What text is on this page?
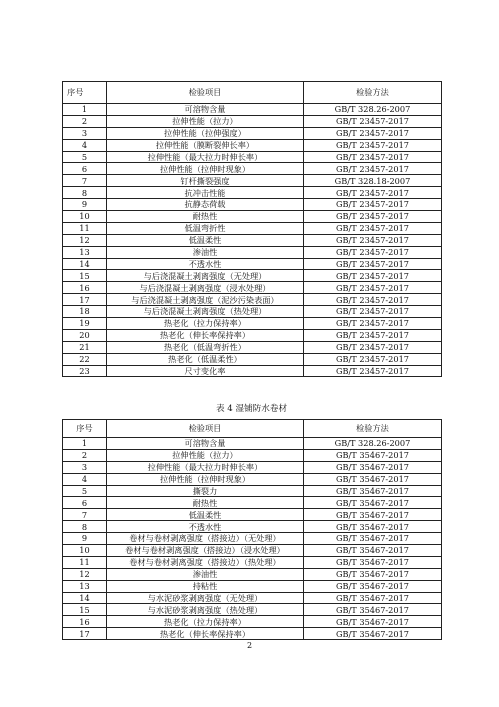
序号	检验项目	检验方法
1	可溶物含量	GB/T 328.26-2007
2	拉伸性能（拉力）	GB/T 23457-2017
3	拉伸性能（拉伸强度）	GB/T 23457-2017
4	拉伸性能（膜断裂伸长率）	GB/T 23457-2017
5	拉伸性能（最大拉力时伸长率）	GB/T 23457-2017
6	拉伸性能（拉伸时现象）	GB/T 23457-2017
7	钉杆撕裂强度	GB/T 328.18-2007
8	抗冲击性能	GB/T 23457-2017
9	抗静态荷载	GB/T 23457-2017
10	耐热性	GB/T 23457-2017
11	低温弯折性	GB/T 23457-2017
12	低温柔性	GB/T 23457-2017
13	渗油性	GB/T 23457-2017
14	不透水性	GB/T 23457-2017
15	与后浇混凝土剥离强度（无处理）	GB/T 23457-2017
16	与后浇混凝土剥离强度（浸水处理）	GB/T 23457-2017
17	与后浇混凝土剥离强度（泥沙污染表面）	GB/T 23457-2017
18	与后浇混凝土剥离强度（热处理）	GB/T 23457-2017
19	热老化（拉力保持率）	GB/T 23457-2017
20	热老化（伸长率保持率）	GB/T 23457-2017
21	热老化（低温弯折性）	GB/T 23457-2017
22	热老化（低温柔性）	GB/T 23457-2017
23	尺寸变化率	GB/T 23457-2017
表 4 湿铺防水卷材
序号	检验项目	检验方法
1	可溶物含量	GB/T 328.26-2007
2	拉伸性能（拉力）	GB/T 35467-2017
3	拉伸性能（最大拉力时伸长率）	GB/T 35467-2017
4	拉伸性能（拉伸时现象）	GB/T 35467-2017
5	撕裂力	GB/T 35467-2017
6	耐热性	GB/T 35467-2017
7	低温柔性	GB/T 35467-2017
8	不透水性	GB/T 35467-2017
9	卷材与卷材剥离强度（搭接边）（无处理）	GB/T 35467-2017
10	卷材与卷材剥离强度（搭接边）（浸水处理）	GB/T 35467-2017
11	卷材与卷材剥离强度（搭接边）（热处理）	GB/T 35467-2017
12	渗油性	GB/T 35467-2017
13	持粘性	GB/T 35467-2017
14	与水泥砂浆剥离强度（无处理）	GB/T 35467-2017
15	与水泥砂浆剥离强度（热处理）	GB/T 35467-2017
16	热老化（拉力保持率）	GB/T 35467-2017
17	热老化（伸长率保持率）	GB/T 35467-2017
2
